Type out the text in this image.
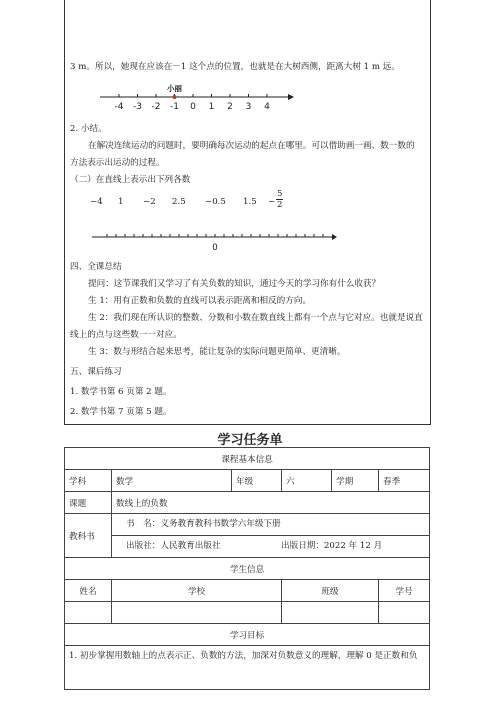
3 m。所以，她现在应该在－1 这个点的位置，也就是在大树西侧，距离大树 1 m 远。
-4 -3 -2 -1 0 1 2 3 4
小丽
2. 小结。
在解决连续运动的问题时，要明确每次运动的起点在哪里。可以借助画一画、数一数的
方法表示出运动的过程。
（二）在直线上表示出下列各数
−4 1 −2 2.5 −0.5 $1.5 - \frac{5}{2}$
0
四、全课总结
提问：这节课我们又学习了有关负数的知识，通过今天的学习你有什么收获？
生 1：用有正数和负数的直线可以表示距离和相反的方向。
生 2：我们现在所认识的整数、分数和小数在数直线上都有一个点与它对应。也就是说直
线上的点与这些数一一对应。
生 3：数与形结合起来思考，能让复杂的实际问题更简单、更清晰。
五、课后练习
1. 数学书第 6 页第 2 题。
2. 数学书第 7 页第 5 题。
学习任务单
课程基本信息					
学科	数学	年级	六	学期	春季
课题	数线上的负数				
教科书	书　名：义务教育教科书数学六年级下册
出版社：人民教育出版社 出版日期：2022 年 12 月				

学生信息					
姓名	学校		班级		学号

学习目标					
1. 初步掌握用数轴上的点表示正、负数的方法，加深对负数意义的理解，理解 0 是正数和负					
